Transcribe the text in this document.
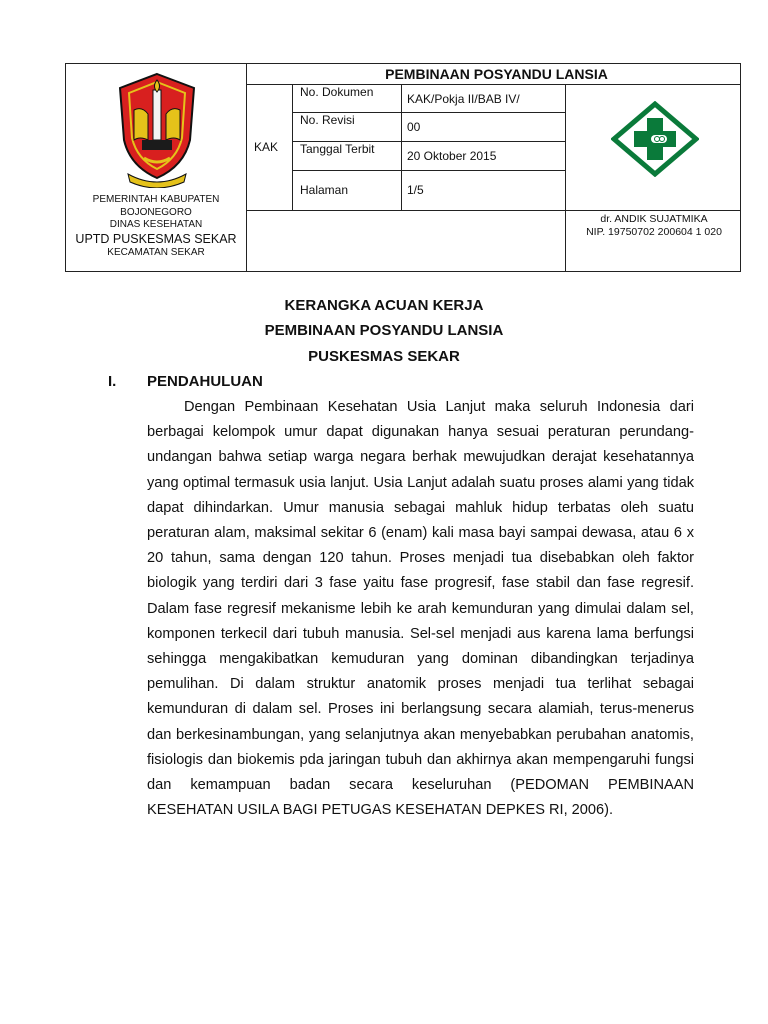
PEMERINTAH KABUPATEN
BOJONEGORO
DINAS KESEHATAN
UPTD PUSKESMAS SEKAR
KECAMATAN SEKAR
PEMBINAAN POSYANDU LANSIA
KAK
No. Dokumen	KAK/Pokja II/BAB IV/
No. Revisi	00
Tanggal Terbit	20 Oktober 2015
Halaman	1/5
dr. ANDIK SUJATMIKA
NIP. 19750702 200604 1 020
KERANGKA ACUAN KERJA
PEMBINAAN POSYANDU LANSIA
PUSKESMAS SEKAR
I. PENDAHULUAN

Dengan Pembinaan Kesehatan Usia Lanjut maka seluruh Indonesia dari berbagai kelompok umur dapat digunakan hanya sesuai peraturan perundang-undangan bahwa setiap warga negara berhak mewujudkan derajat kesehatannya yang optimal termasuk usia lanjut. Usia Lanjut adalah suatu proses alami yang tidak dapat dihindarkan. Umur manusia sebagai mahluk hidup terbatas oleh suatu peraturan alam, maksimal sekitar 6 (enam) kali masa bayi sampai dewasa, atau 6 x 20 tahun, sama dengan 120 tahun. Proses menjadi tua disebabkan oleh faktor biologik yang terdiri dari 3 fase yaitu fase progresif, fase stabil dan fase regresif. Dalam fase regresif mekanisme lebih ke arah kemunduran yang dimulai dalam sel, komponen terkecil dari tubuh manusia. Sel-sel menjadi aus karena lama berfungsi sehingga mengakibatkan kemuduran yang dominan dibandingkan terjadinya pemulihan. Di dalam struktur anatomik proses menjadi tua terlihat sebagai kemunduran di dalam sel. Proses ini berlangsung secara alamiah, terus-menerus dan berkesinambungan, yang selanjutnya akan menyebabkan perubahan anatomis, fisiologis dan biokemis pda jaringan tubuh dan akhirnya akan mempengaruhi fungsi dan kemampuan badan secara keseluruhan (PEDOMAN PEMBINAAN KESEHATAN USILA BAGI PETUGAS KESEHATAN DEPKES RI, 2006).
